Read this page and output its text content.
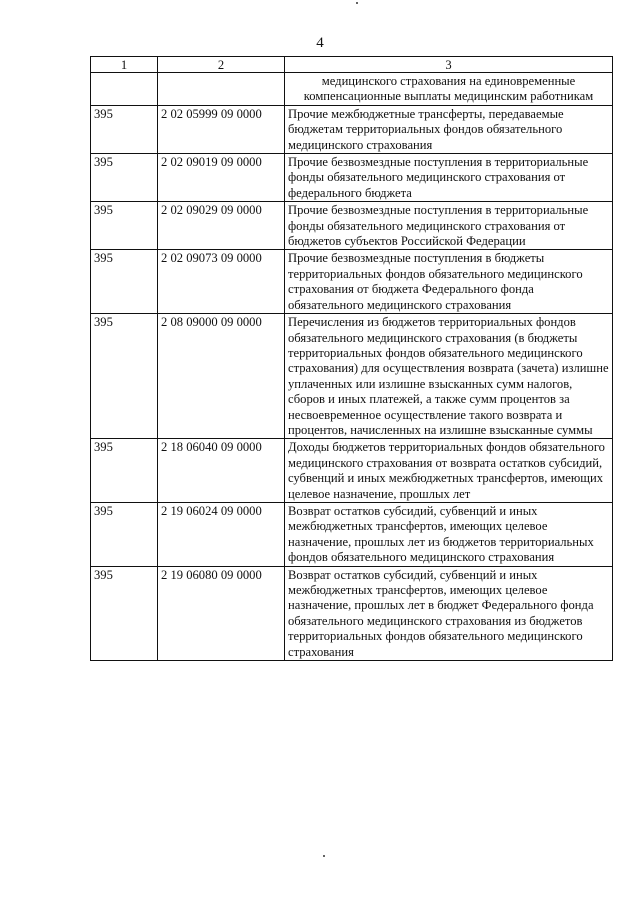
4
1	2	3
		медицинского страхования на единовременные компенсационные выплаты медицинским работникам
395	2 02 05999 09 0000	Прочие межбюджетные трансферты, передаваемые бюджетам территориальных фондов обязательного медицинского страхования
395	2 02 09019 09 0000	Прочие безвозмездные поступления в территориальные фонды обязательного медицинского страхования от федерального бюджета
395	2 02 09029 09 0000	Прочие безвозмездные поступления в территориальные фонды обязательного медицинского страхования от бюджетов субъектов Российской Федерации
395	2 02 09073 09 0000	Прочие безвозмездные поступления в бюджеты территориальных фондов обязательного медицинского страхования от бюджета Федерального фонда обязательного медицинского страхования
395	2 08 09000 09 0000	Перечисления из бюджетов территориальных фондов обязательного медицинского страхования (в бюджеты территориальных фондов обязательного медицинского страхования) для осуществления возврата (зачета) излишне уплаченных или излишне взысканных сумм налогов, сборов и иных платежей, а также сумм процентов за несвоевременное осуществление такого возврата и процентов, начисленных на излишне взысканные суммы
395	2 18 06040 09 0000	Доходы бюджетов территориальных фондов обязательного медицинского страхования от возврата остатков субсидий, субвенций и иных межбюджетных трансфертов, имеющих целевое назначение, прошлых лет
395	2 19 06024 09 0000	Возврат остатков субсидий, субвенций и иных межбюджетных трансфертов, имеющих целевое назначение, прошлых лет из бюджетов территориальных фондов обязательного медицинского страхования
395	2 19 06080 09 0000	Возврат остатков субсидий, субвенций и иных межбюджетных трансфертов, имеющих целевое назначение, прошлых лет в бюджет Федерального фонда обязательного медицинского страхования из бюджетов территориальных фондов обязательного медицинского страхования
